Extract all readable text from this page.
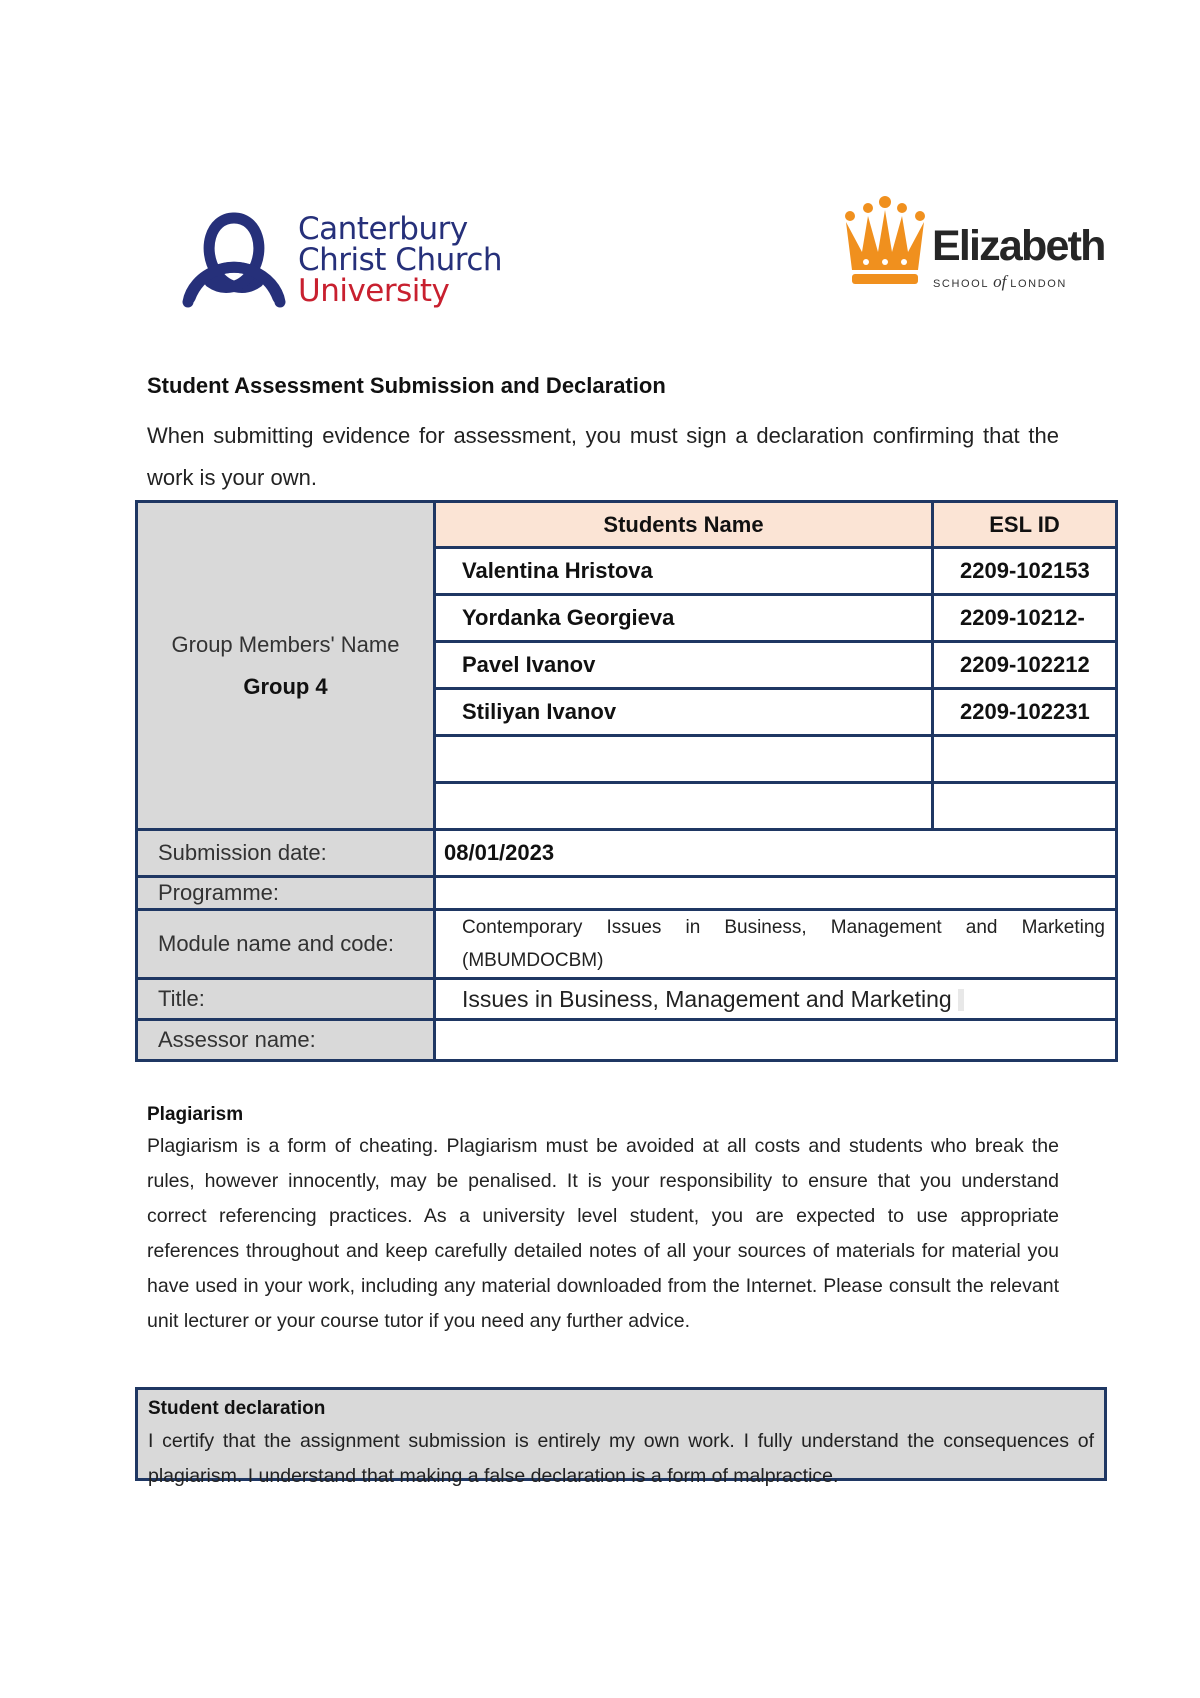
Canterbury
Christ Church
University
Elizabeth
SCHOOL of LONDON
Student Assessment Submission and Declaration
When submitting evidence for assessment, you must sign a declaration confirming that the work is your own.
Group Members' Name
Group 4	Students Name	ESL ID
	Valentina Hristova	2209-102153
	Yordanka Georgieva	2209-10212-
	Pavel Ivanov	2209-102212
	Stiliyan Ivanov	2209-102231

Submission date:	08/01/2023	
Programme:		
Module name and code:	Contemporary Issues in Business, Management and Marketing (MBUMDOCBM)	
Title:	Issues in Business, Management and Marketing	
Assessor name:		
Plagiarism
Plagiarism is a form of cheating. Plagiarism must be avoided at all costs and students who break the rules, however innocently, may be penalised. It is your responsibility to ensure that you understand correct referencing practices. As a university level student, you are expected to use appropriate references throughout and keep carefully detailed notes of all your sources of materials for material you have used in your work, including any material downloaded from the Internet. Please consult the relevant unit lecturer or your course tutor if you need any further advice.
Student declaration
I certify that the assignment submission is entirely my own work. I fully understand the consequences of plagiarism. I understand that making a false declaration is a form of malpractice.
